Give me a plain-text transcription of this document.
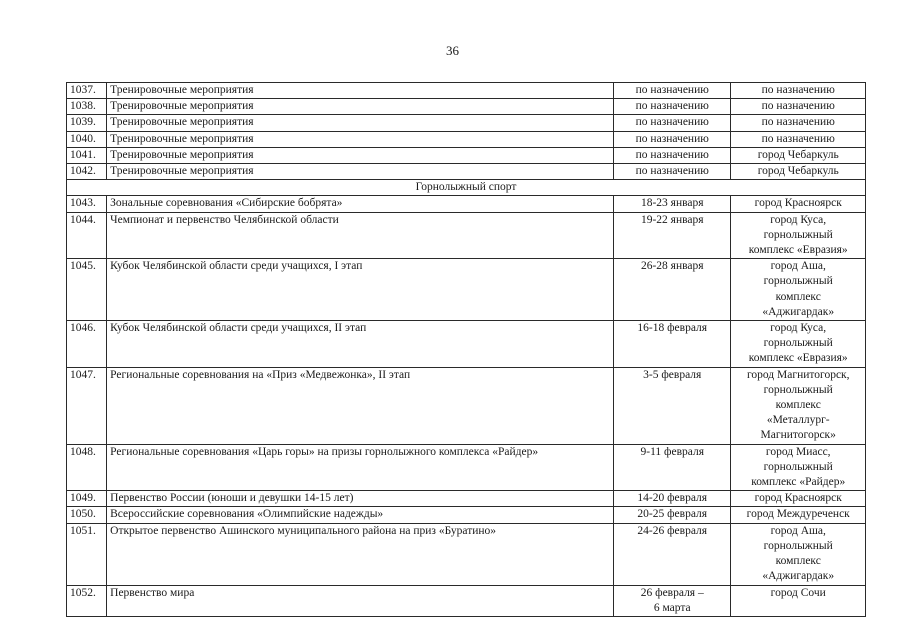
36
1037.	Тренировочные мероприятия	по назначению	по назначению

1038.	Тренировочные мероприятия	по назначению	по назначению

1039.	Тренировочные мероприятия	по назначению	по назначению

1040.	Тренировочные мероприятия	по назначению	по назначению

1041.	Тренировочные мероприятия	по назначению	город Чебаркуль

1042.	Тренировочные мероприятия	по назначению	город Чебаркуль

Горнолыжный спорт			
1043.	Зональные соревнования «Сибирские бобрята»	18-23 января	город Красноярск

1044.	Чемпионат и первенство Челябинской области	19-22 января	город Куса,
горнолыжный
комплекс «Евразия»

1045.	Кубок Челябинской области среди учащихся, I этап	26-28 января	город Аша,
горнолыжный
комплекс
«Аджигардак»

1046.	Кубок Челябинской области среди учащихся, II этап	16-18 февраля	город Куса,
горнолыжный
комплекс «Евразия»

1047.	Региональные соревнования на «Приз «Медвежонка», II этап	3-5 февраля	город Магнитогорск,
горнолыжный
комплекс
«Металлург-
Магнитогорск»

1048.	Региональные соревнования «Царь горы» на призы горнолыжного комплекса «Райдер»	9-11 февраля	город Миасс,
горнолыжный
комплекс «Райдер»

1049.	Первенство России (юноши и девушки 14-15 лет)	14-20 февраля	город Красноярск

1050.	Всероссийские соревнования «Олимпийские надежды»	20-25 февраля	город Междуреченск

1051.	Открытое первенство Ашинского муниципального района на приз «Буратино»	24-26 февраля	город Аша,
горнолыжный
комплекс
«Аджигардак»

1052.	Первенство мира	26 февраля –
6 марта	город Сочи
